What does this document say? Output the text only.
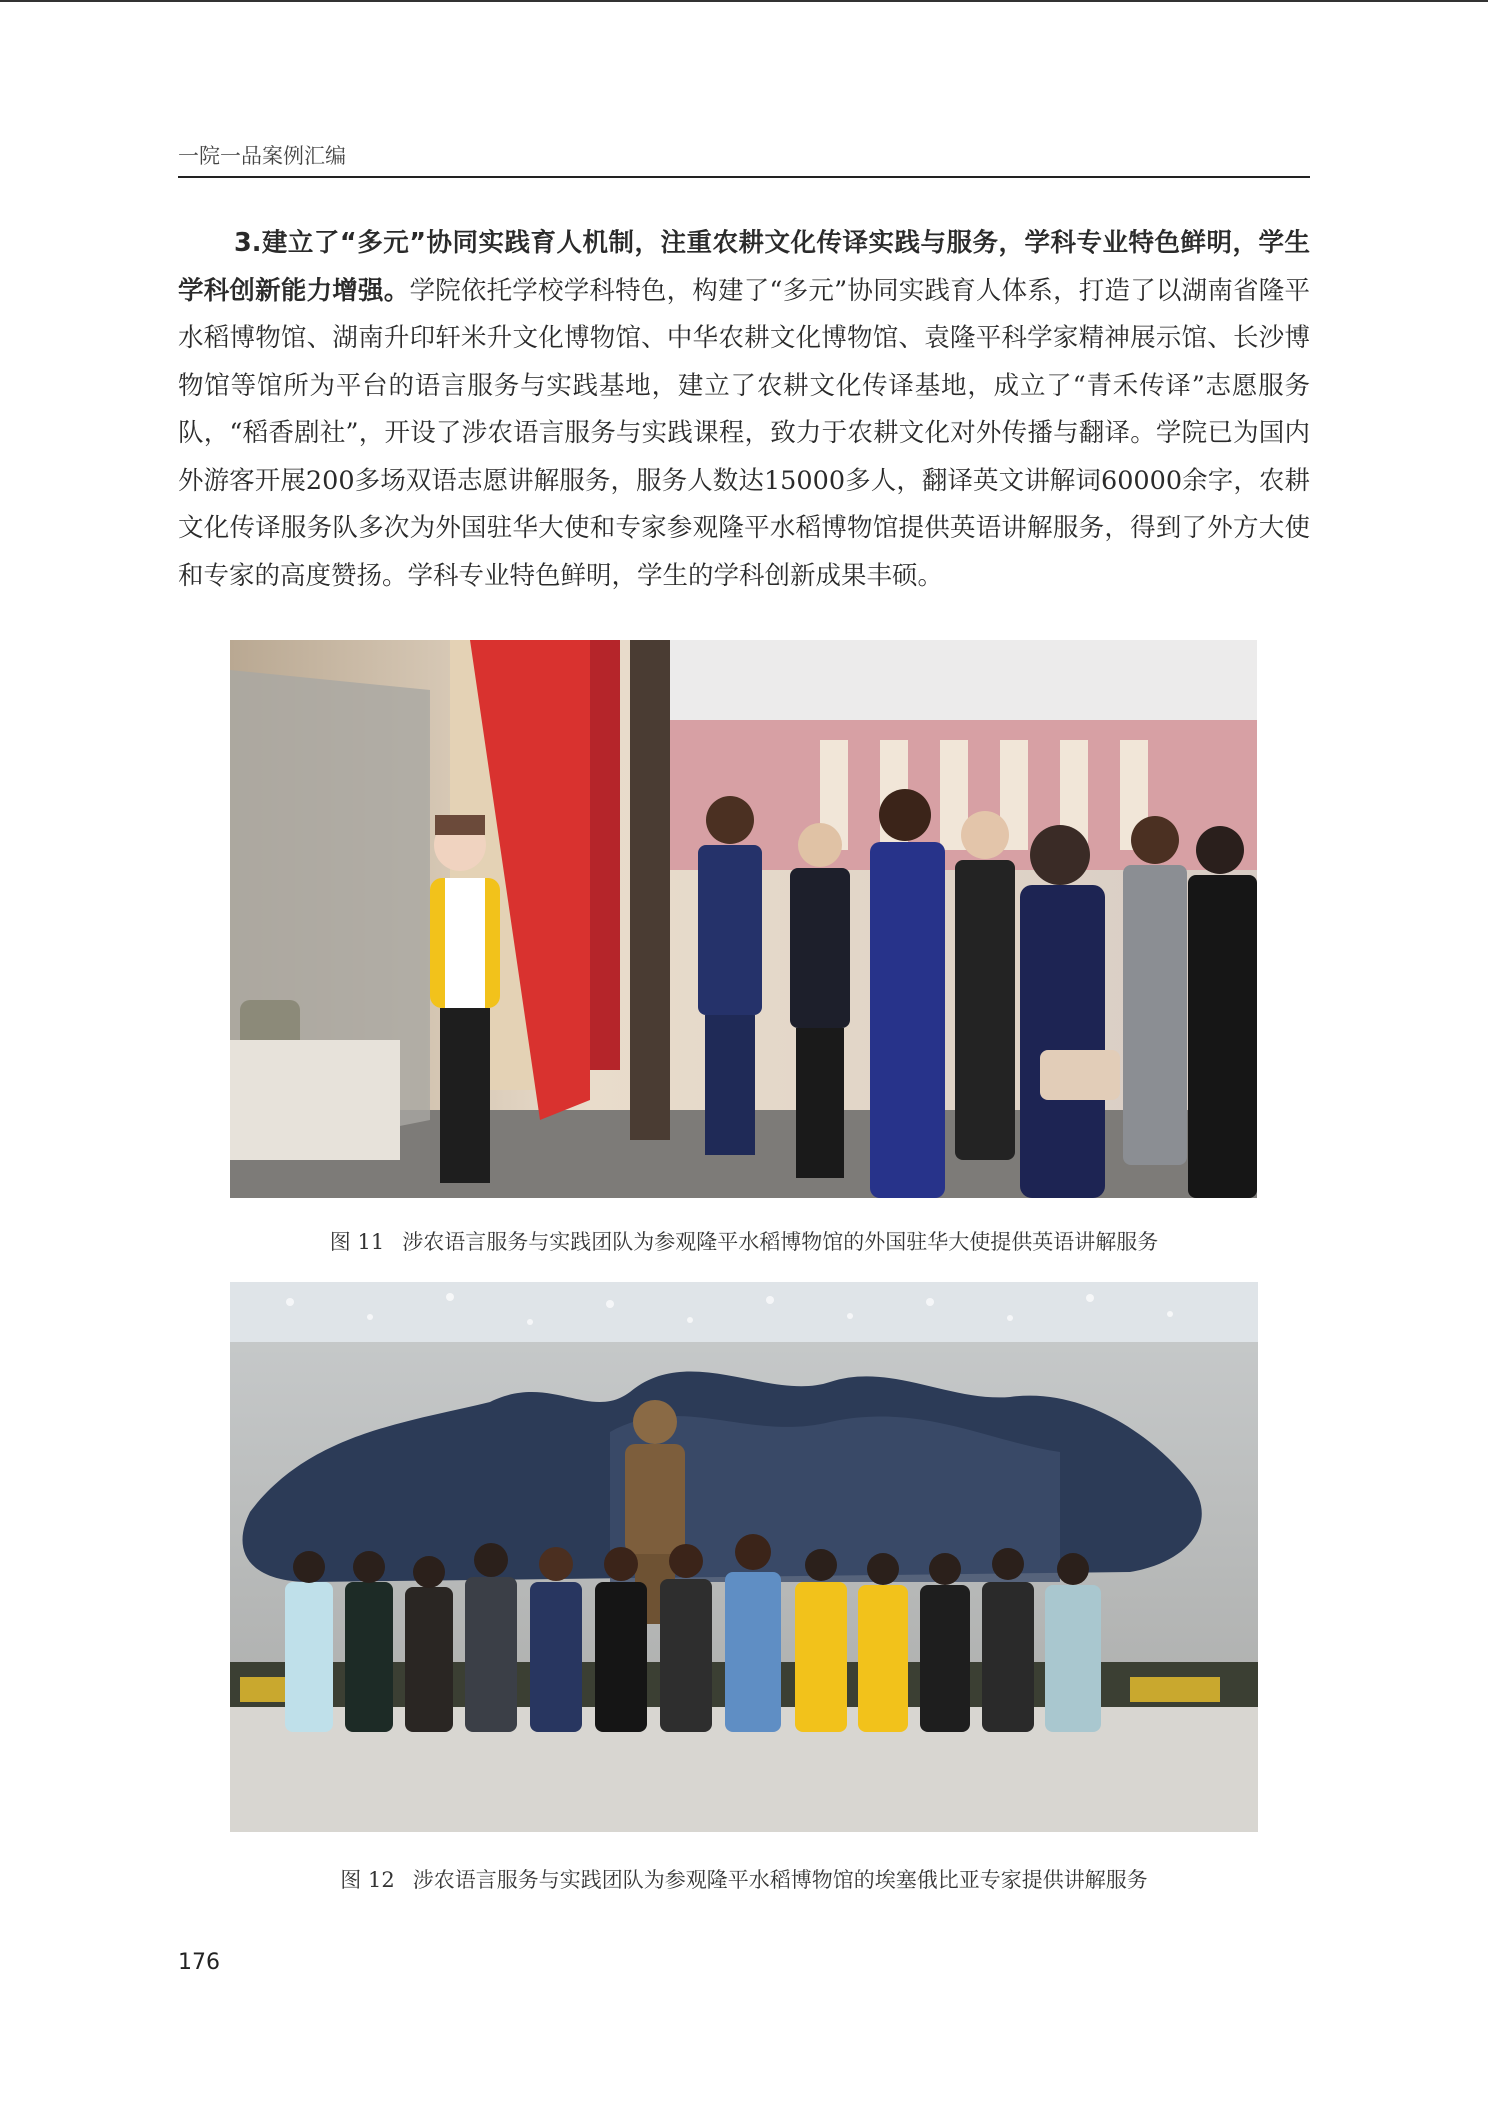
一院一品案例汇编
3.建立了“多元”协同实践育人机制，注重农耕文化传译实践与服务，学科专业特色鲜明，学生学科创新能力增强。学院依托学校学科特色，构建了“多元”协同实践育人体系，打造了以湖南省隆平水稻博物馆、湖南升印轩米升文化博物馆、中华农耕文化博物馆、袁隆平科学家精神展示馆、长沙博物馆等馆所为平台的语言服务与实践基地，建立了农耕文化传译基地，成立了“青禾传译”志愿服务队，“稻香剧社”，开设了涉农语言服务与实践课程，致力于农耕文化对外传播与翻译。学院已为国内外游客开展200多场双语志愿讲解服务，服务人数达15000多人，翻译英文讲解词60000余字，农耕文化传译服务队多次为外国驻华大使和专家参观隆平水稻博物馆提供英语讲解服务，得到了外方大使和专家的高度赞扬。学科专业特色鲜明，学生的学科创新成果丰硕。
图 11 涉农语言服务与实践团队为参观隆平水稻博物馆的外国驻华大使提供英语讲解服务
图 12 涉农语言服务与实践团队为参观隆平水稻博物馆的埃塞俄比亚专家提供讲解服务
176
